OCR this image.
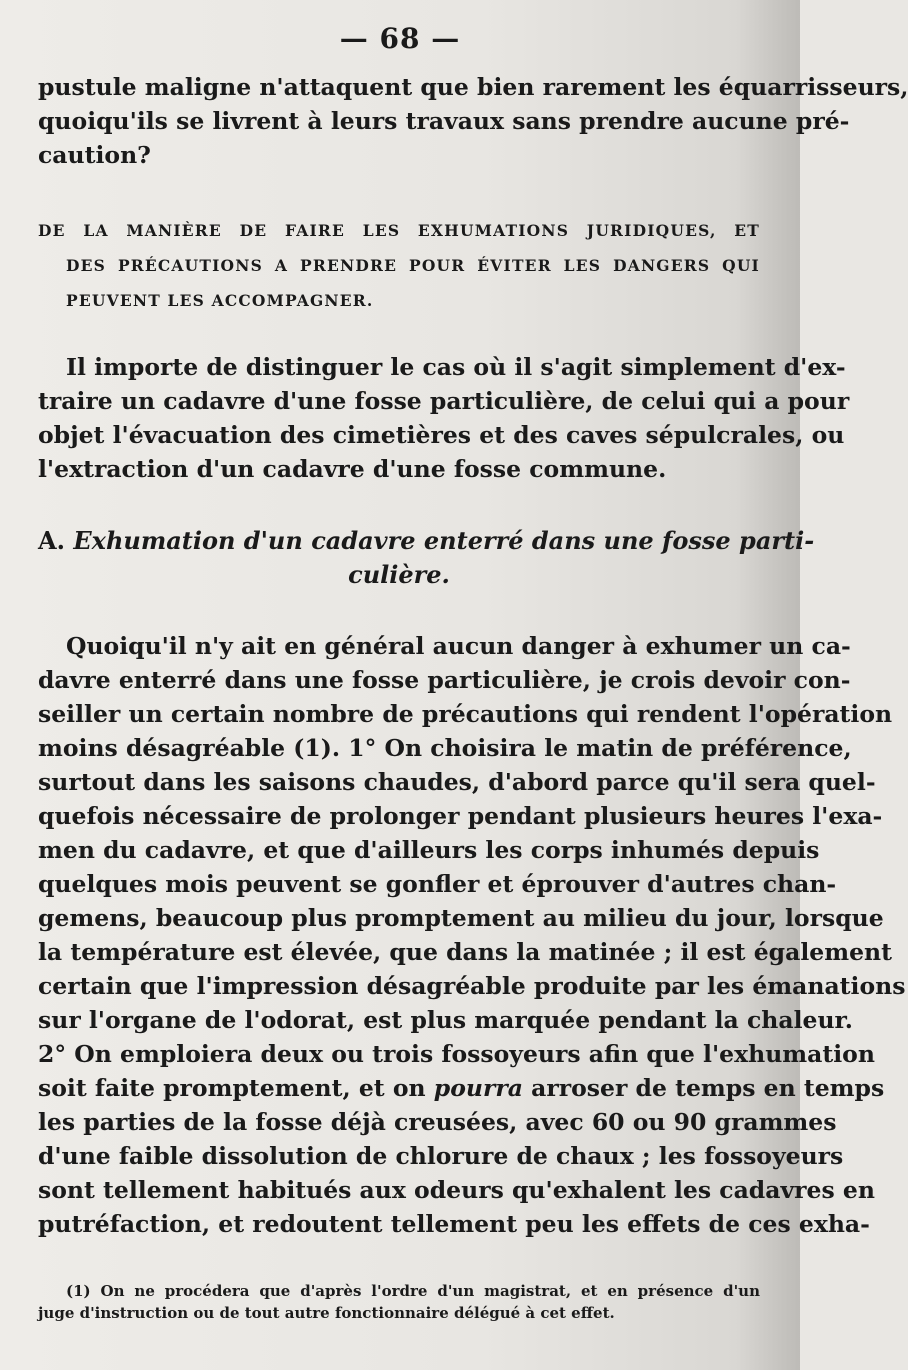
— 68 —
pustule maligne n'attaquent que bien rarement les équarrisseurs,
quoiqu'ils se livrent à leurs travaux sans prendre aucune pré-
caution?
DE LA MANIÈRE DE FAIRE LES EXHUMATIONS JURIDIQUES, ET
DES PRÉCAUTIONS A PRENDRE POUR ÉVITER LES DANGERS QUI
PEUVENT LES ACCOMPAGNER.
Il importe de distinguer le cas où il s'agit simplement d'ex-
traire un cadavre d'une fosse particulière, de celui qui a pour
objet l'évacuation des cimetières et des caves sépulcrales, ou
l'extraction d'un cadavre d'une fosse commune.
A. Exhumation d'un cadavre enterré dans une fosse parti-
culière.
Quoiqu'il n'y ait en général aucun danger à exhumer un ca-
davre enterré dans une fosse particulière, je crois devoir con-
seiller un certain nombre de précautions qui rendent l'opération
moins désagréable (1). 1° On choisira le matin de préférence,
surtout dans les saisons chaudes, d'abord parce qu'il sera quel-
quefois nécessaire de prolonger pendant plusieurs heures l'exa-
men du cadavre, et que d'ailleurs les corps inhumés depuis
quelques mois peuvent se gonfler et éprouver d'autres chan-
gemens, beaucoup plus promptement au milieu du jour, lorsque
la température est élevée, que dans la matinée ; il est également
certain que l'impression désagréable produite par les émanations
sur l'organe de l'odorat, est plus marquée pendant la chaleur.
2° On emploiera deux ou trois fossoyeurs afin que l'exhumation
soit faite promptement, et on pourra arroser de temps en temps
les parties de la fosse déjà creusées, avec 60 ou 90 grammes
d'une faible dissolution de chlorure de chaux ; les fossoyeurs
sont tellement habitués aux odeurs qu'exhalent les cadavres en
putréfaction, et redoutent tellement peu les effets de ces exha-
(1) On ne procédera que d'après l'ordre d'un magistrat, et en présence d'un
juge d'instruction ou de tout autre fonctionnaire délégué à cet effet.
